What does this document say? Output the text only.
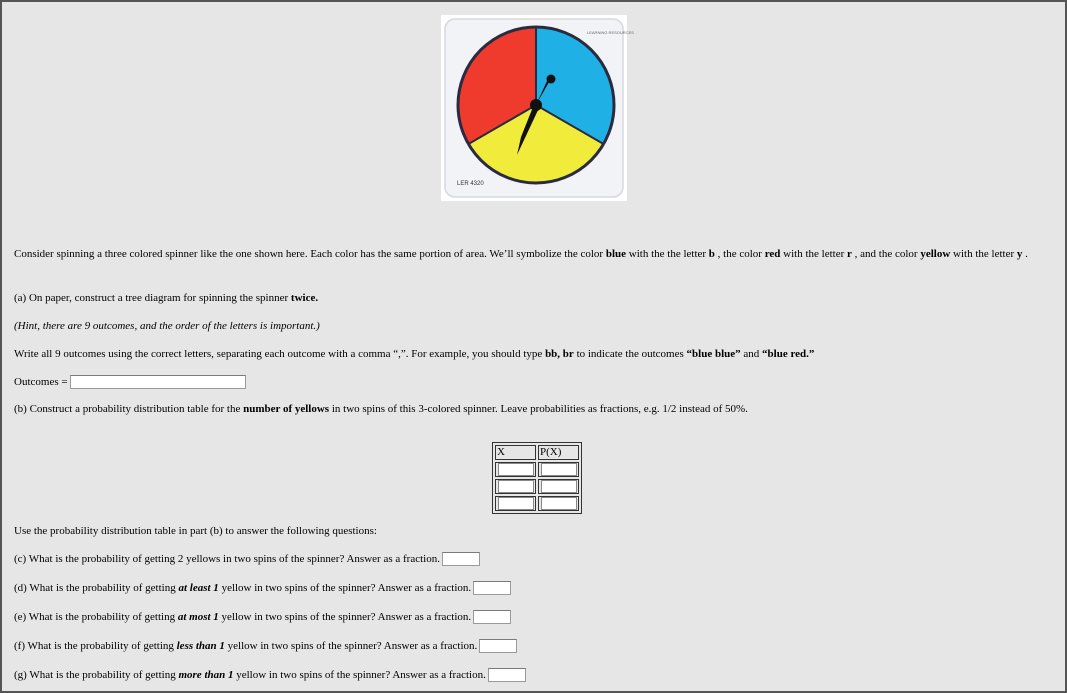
LER 4320
LEARNING RESOURCES
Consider spinning a three colored spinner like the one shown here. Each color has the same portion of area. We’ll symbolize the color blue with the the letter b , the color red with the letter r , and the color yellow with the letter y .
(a) On paper, construct a tree diagram for spinning the spinner twice.
(Hint, there are 9 outcomes, and the order of the letters is important.)
Write all 9 outcomes using the correct letters, separating each outcome with a comma “,”. For example, you should type bb, br to indicate the outcomes “blue blue” and “blue red.”
Outcomes =
(b) Construct a probability distribution table for the number of yellows in two spins of this 3-colored spinner. Leave probabilities as fractions, e.g. 1/2 instead of 50%.
X	P(X)

Use the probability distribution table in part (b) to answer the following questions:
(c) What is the probability of getting 2 yellows in two spins of the spinner? Answer as a fraction.
(d) What is the probability of getting at least 1 yellow in two spins of the spinner? Answer as a fraction.
(e) What is the probability of getting at most 1 yellow in two spins of the spinner? Answer as a fraction.
(f) What is the probability of getting less than 1 yellow in two spins of the spinner? Answer as a fraction.
(g) What is the probability of getting more than 1 yellow in two spins of the spinner? Answer as a fraction.
